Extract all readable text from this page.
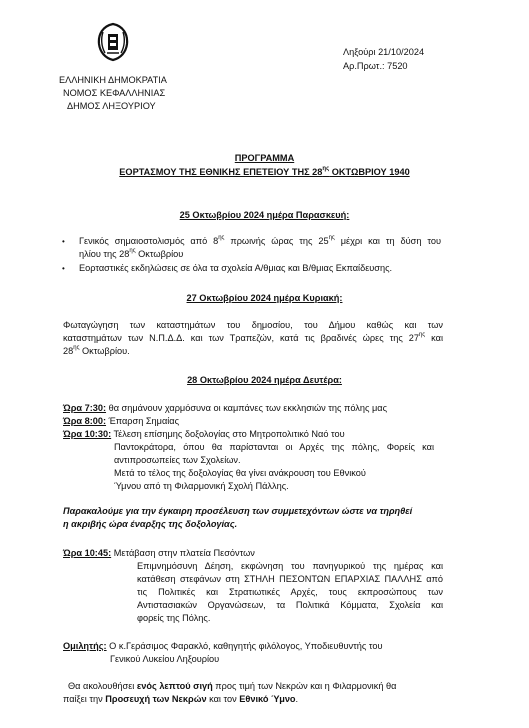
ΕΛΛΗΝΙΚΗ ΔΗΜΟΚΡΑΤΙΑ
ΝΟΜΟΣ ΚΕΦΑΛΛΗΝΙΑΣ
ΔΗΜΟΣ ΛΗΞΟΥΡΙΟΥ
Ληξούρι 21/10/2024
Αρ.Πρωτ.: 7520
ΠΡΟΓΡΑΜΜΑ
ΕΟΡΤΑΣΜΟΥ ΤΗΣ ΕΘΝΙΚΗΣ ΕΠΕΤΕΙΟΥ ΤΗΣ $28^{\eta\varsigma}$ ΟΚΤΩΒΡΙΟΥ 1940
25 Οκτωβρίου 2024 ημέρα Παρασκευή:
• Γενικός σημαιοστολισμός από $8^{\eta\varsigma}$ πρωινής ώρας της $25^{\eta\varsigma}$ μέχρι και τη δύση του
ηλίου της $28^{\eta\varsigma}$ Οκτωβρίου
• Εορταστικές εκδηλώσεις σε όλα τα σχολεία Α/θμιας και Β/θμιας Εκπαίδευσης.
27 Οκτωβρίου 2024 ημέρα Κυριακή:
Φωταγώγηση των καταστημάτων του δημοσίου, του Δήμου καθώς και των
καταστημάτων των Ν.Π.Δ.Δ. και των Τραπεζών, κατά τις βραδινές ώρες της $27^{\eta\varsigma}$ και
$28^{\eta\varsigma}$ Οκτωβρίου.
28 Οκτωβρίου 2024 ημέρα Δευτέρα:
Ώρα 7:30: θα σημάνουν χαρμόσυνα οι καμπάνες των εκκλησιών της πόλης μας
Ώρα 8:00: Έπαρση Σημαίας
Ώρα 10:30: Τέλεση επίσημης δοξολογίας στο Μητροπολιτικό Ναό του
Παντοκράτορα, όπου θα παρίστανται οι Αρχές της πόλης, Φορείς και
αντιπροσωπείες των Σχολείων.
Μετά το τέλος της δοξολογίας θα γίνει ανάκρουση του Εθνικού
Ύμνου από τη Φιλαρμονική Σχολή Πάλλης.
Παρακαλούμε για την έγκαιρη προσέλευση των συμμετεχόντων ώστε να τηρηθεί
η ακριβής ώρα έναρξης της δοξολογίας.
Ώρα 10:45: Μετάβαση στην πλατεία Πεσόντων
Επιμνημόσυνη Δέηση, εκφώνηση του πανηγυρικού της ημέρας και
κατάθεση στεφάνων στη ΣΤΗΛΗ ΠΕΣΟΝΤΩΝ ΕΠΑΡΧΙΑΣ ΠΑΛΛΗΣ από
τις Πολιτικές και Στρατιωτικές Αρχές, τους εκπροσώπους των
Αντιστασιακών Οργανώσεων, τα Πολιτικά Κόμματα, Σχολεία και
φορείς της Πόλης.
Ομιλητής: Ο κ.Γεράσιμος Φαρακλό, καθηγητής φιλόλογος, Υποδιευθυντής του
Γενικού Λυκείου Ληξουρίου
Θα ακολουθήσει ενός λεπτού σιγή προς τιμή των Νεκρών και η Φιλαρμονική θα
παίξει την Προσευχή των Νεκρών και τον Εθνικό Ύμνο.
